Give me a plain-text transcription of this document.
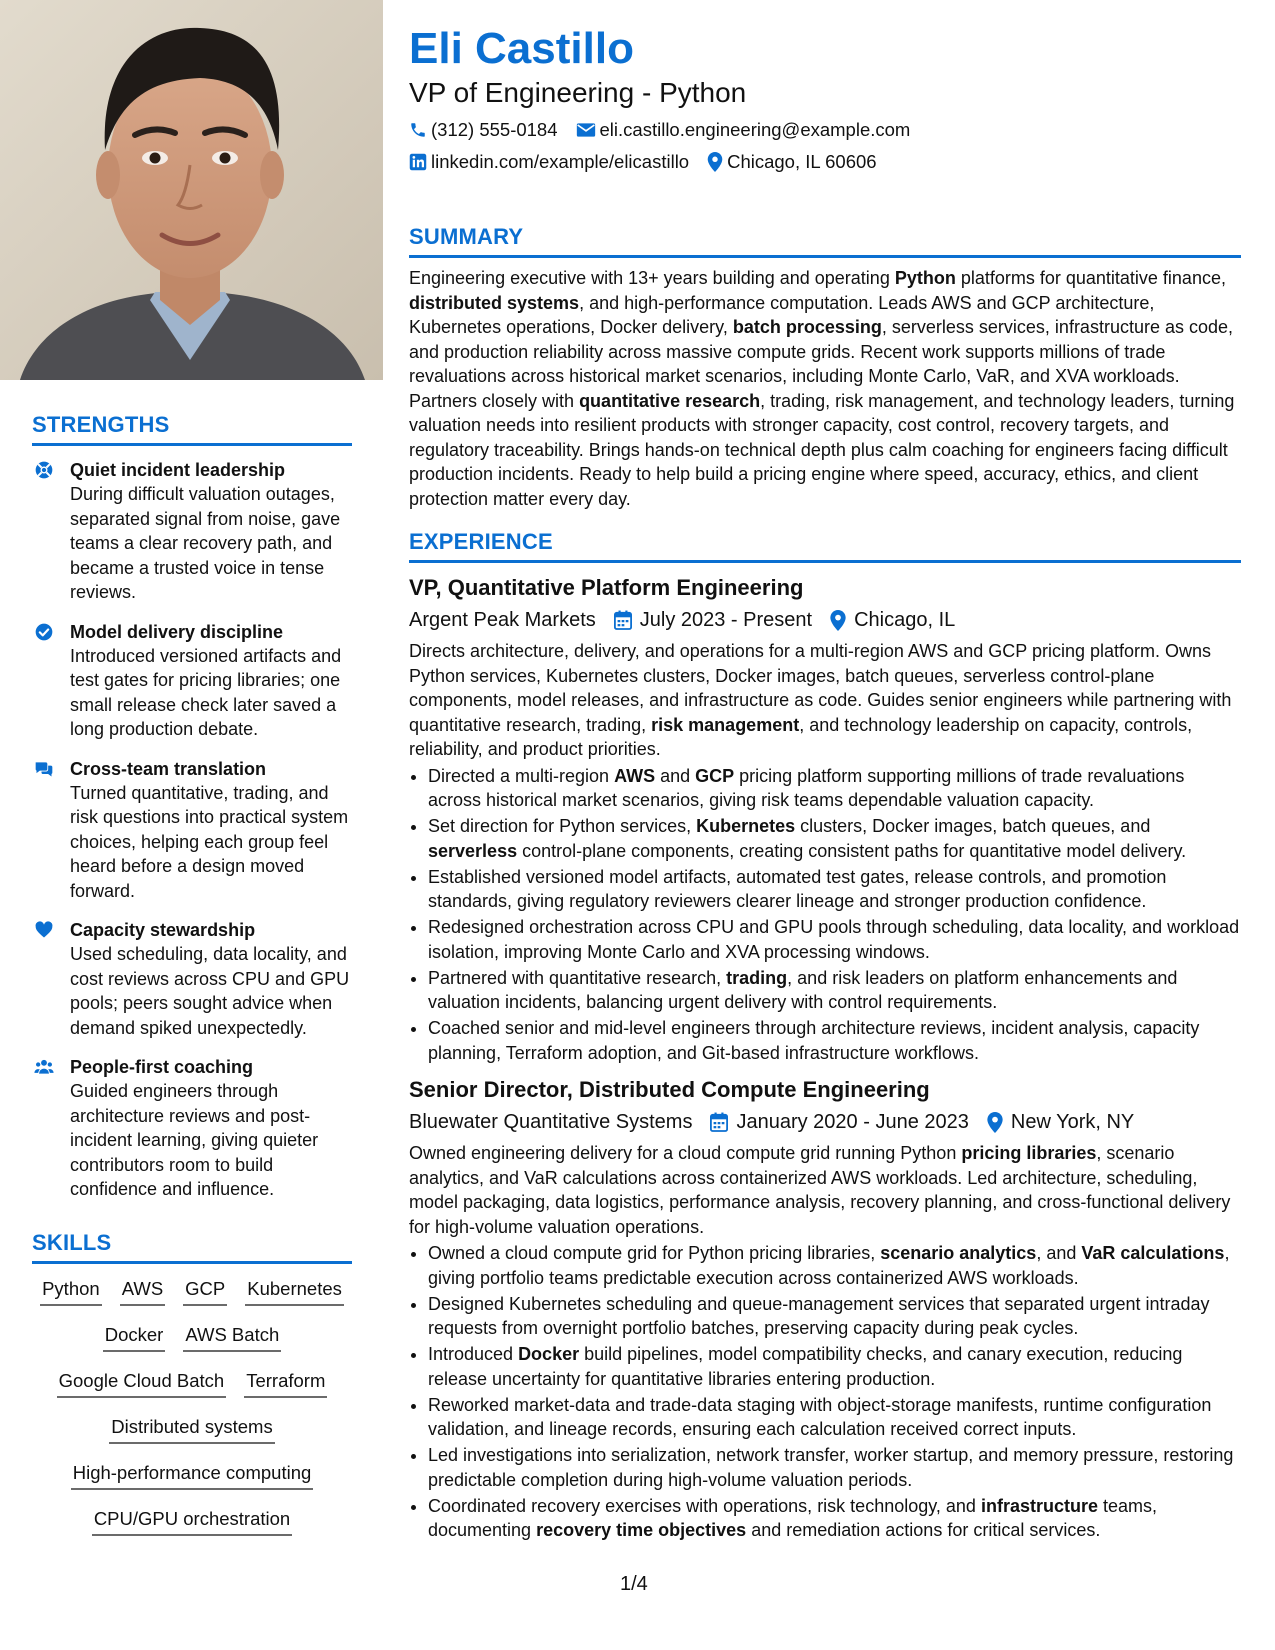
STRENGTHS
Quiet incident leadership
During difficult valuation outages, separated signal from noise, gave teams a clear recovery path, and became a trusted voice in tense reviews.
Model delivery discipline
Introduced versioned artifacts and test gates for pricing libraries; one small release check later saved a long production debate.
Cross-team translation
Turned quantitative, trading, and risk questions into practical system choices, helping each group feel heard before a design moved forward.
Capacity stewardship
Used scheduling, data locality, and cost reviews across CPU and GPU pools; peers sought advice when demand spiked unexpectedly.
People-first coaching
Guided engineers through architecture reviews and post-incident learning, giving quieter contributors room to build confidence and influence.
SKILLS
Python AWS GCP Kubernetes
Docker AWS Batch
Google Cloud Batch Terraform
Distributed systems
High-performance computing
CPU/GPU orchestration
Eli Castillo
VP of Engineering - Python
(312) 555-0184 eli.castillo.engineering@example.com
linkedin.com/example/elicastillo Chicago, IL 60606
SUMMARY
Engineering executive with 13+ years building and operating Python platforms for quantitative finance, distributed systems, and high-performance computation. Leads AWS and GCP architecture, Kubernetes operations, Docker delivery, batch processing, serverless services, infrastructure as code, and production reliability across massive compute grids. Recent work supports millions of trade revaluations across historical market scenarios, including Monte Carlo, VaR, and XVA workloads. Partners closely with quantitative research, trading, risk management, and technology leaders, turning valuation needs into resilient products with stronger capacity, cost control, recovery targets, and regulatory traceability. Brings hands-on technical depth plus calm coaching for engineers facing difficult production incidents. Ready to help build a pricing engine where speed, accuracy, ethics, and client protection matter every day.
EXPERIENCE
VP, Quantitative Platform Engineering
Argent Peak Markets July 2023 - Present Chicago, IL
Directs architecture, delivery, and operations for a multi-region AWS and GCP pricing platform. Owns Python services, Kubernetes clusters, Docker images, batch queues, serverless control-plane components, model releases, and infrastructure as code. Guides senior engineers while partnering with quantitative research, trading, risk management, and technology leadership on capacity, controls, reliability, and product priorities.
• Directed a multi-region AWS and GCP pricing platform supporting millions of trade revaluations across historical market scenarios, giving risk teams dependable valuation capacity.
• Set direction for Python services, Kubernetes clusters, Docker images, batch queues, and serverless control-plane components, creating consistent paths for quantitative model delivery.
• Established versioned model artifacts, automated test gates, release controls, and promotion standards, giving regulatory reviewers clearer lineage and stronger production confidence.
• Redesigned orchestration across CPU and GPU pools through scheduling, data locality, and workload isolation, improving Monte Carlo and XVA processing windows.
• Partnered with quantitative research, trading, and risk leaders on platform enhancements and valuation incidents, balancing urgent delivery with control requirements.
• Coached senior and mid-level engineers through architecture reviews, incident analysis, capacity planning, Terraform adoption, and Git-based infrastructure workflows.
Senior Director, Distributed Compute Engineering
Bluewater Quantitative Systems January 2020 - June 2023 New York, NY
Owned engineering delivery for a cloud compute grid running Python pricing libraries, scenario analytics, and VaR calculations across containerized AWS workloads. Led architecture, scheduling, model packaging, data logistics, performance analysis, recovery planning, and cross-functional delivery for high-volume valuation operations.
• Owned a cloud compute grid for Python pricing libraries, scenario analytics, and VaR calculations, giving portfolio teams predictable execution across containerized AWS workloads.
• Designed Kubernetes scheduling and queue-management services that separated urgent intraday requests from overnight portfolio batches, preserving capacity during peak cycles.
• Introduced Docker build pipelines, model compatibility checks, and canary execution, reducing release uncertainty for quantitative libraries entering production.
• Reworked market-data and trade-data staging with object-storage manifests, runtime configuration validation, and lineage records, ensuring each calculation received correct inputs.
• Led investigations into serialization, network transfer, worker startup, and memory pressure, restoring predictable completion during high-volume valuation periods.
• Coordinated recovery exercises with operations, risk technology, and infrastructure teams, documenting recovery time objectives and remediation actions for critical services.
1/4
